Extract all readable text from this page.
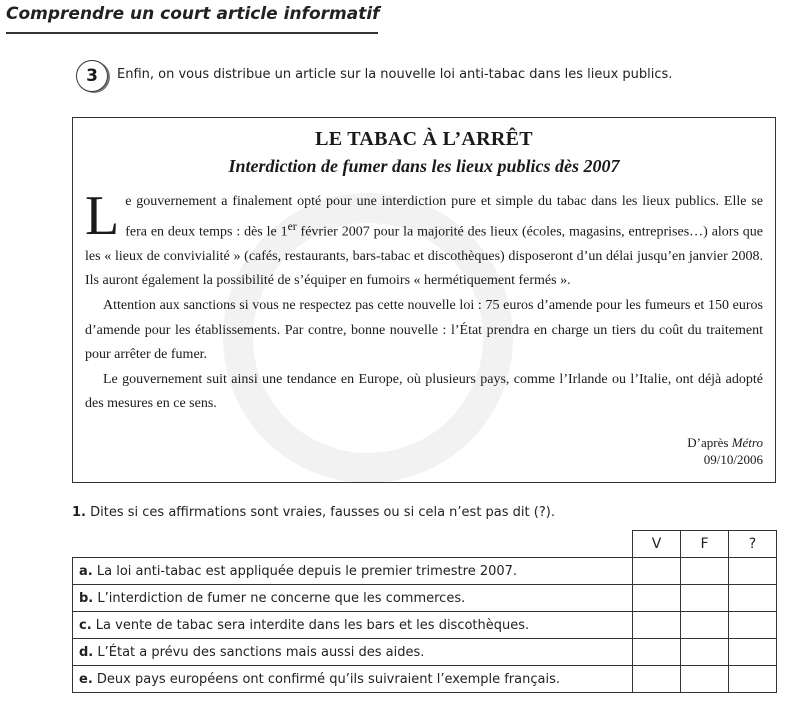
Comprendre un court article informatif
3	Enfin, on vous distribue un article sur la nouvelle loi anti-tabac dans les lieux publics.
LE TABAC À L’ARRÊT
Interdiction de fumer dans les lieux publics dès 2007

Le gouvernement a finalement opté pour une interdiction pure et simple du tabac dans les lieux publics. Elle se fera en deux temps : dès le 1er février 2007 pour la majorité des lieux (écoles, magasins, entreprises…) alors que les « lieux de convivialité » (cafés, restaurants, bars-tabac et discothèques) disposeront d’un délai jusqu’en janvier 2008. Ils auront également la possibilité de s’équiper en fumoirs « hermétiquement fermés ».

Attention aux sanctions si vous ne respectez pas cette nouvelle loi : 75 euros d’amende pour les fumeurs et 150 euros d’amende pour les établissements. Par contre, bonne nouvelle : l’État prendra en charge un tiers du coût du traitement pour arrêter de fumer.

Le gouvernement suit ainsi une tendance en Europe, où plusieurs pays, comme l’Irlande ou l’Italie, ont déjà adopté des mesures en ce sens.

D’après Métro
09/10/2006
1. Dites si ces affirmations sont vraies, fausses ou si cela n’est pas dit (?).
	V	F	?
a. La loi anti-tabac est appliquée depuis le premier trimestre 2007.			
b. L’interdiction de fumer ne concerne que les commerces.			
c. La vente de tabac sera interdite dans les bars et les discothèques.			
d. L’État a prévu des sanctions mais aussi des aides.			
e. Deux pays européens ont confirmé qu’ils suivraient l’exemple français.			
